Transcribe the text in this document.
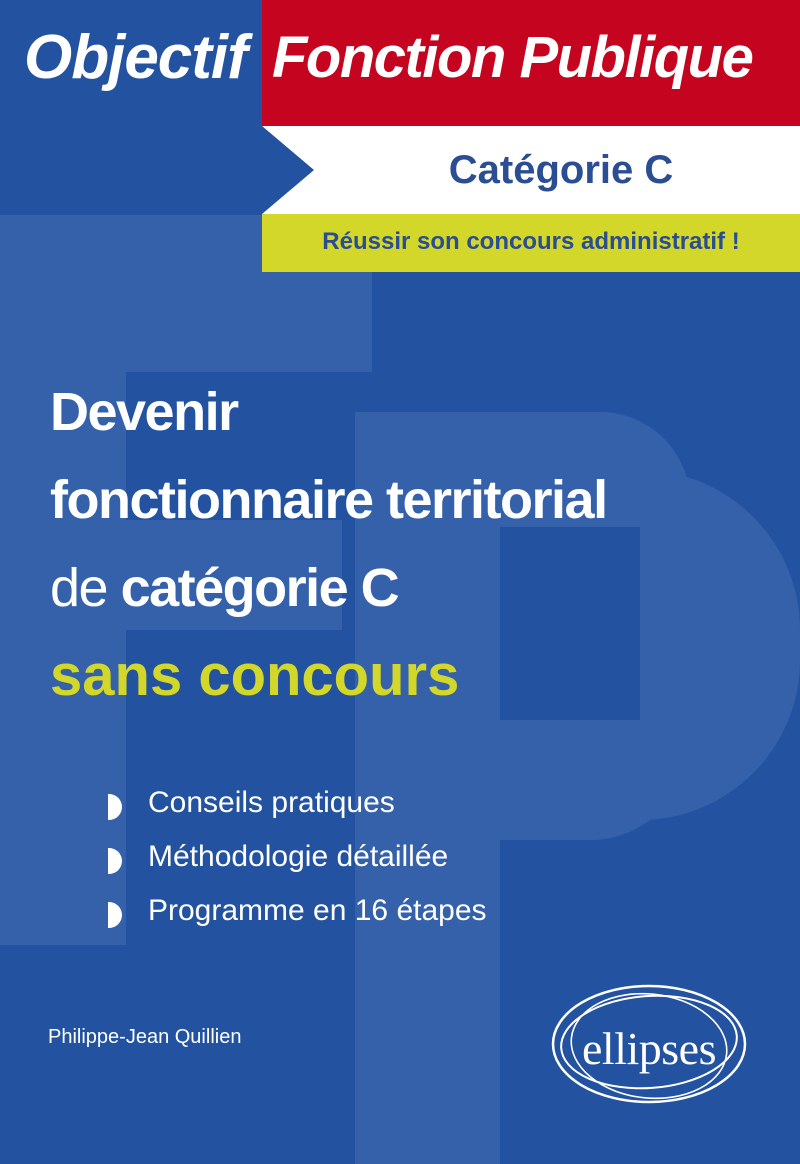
Objectif Fonction Publique
Catégorie C
Réussir son concours administratif !
Devenir
fonctionnaire territorial
de catégorie C
sans concours
Conseils pratiques
Méthodologie détaillée
Programme en 16 étapes
Philippe-Jean Quillien	ellipses
